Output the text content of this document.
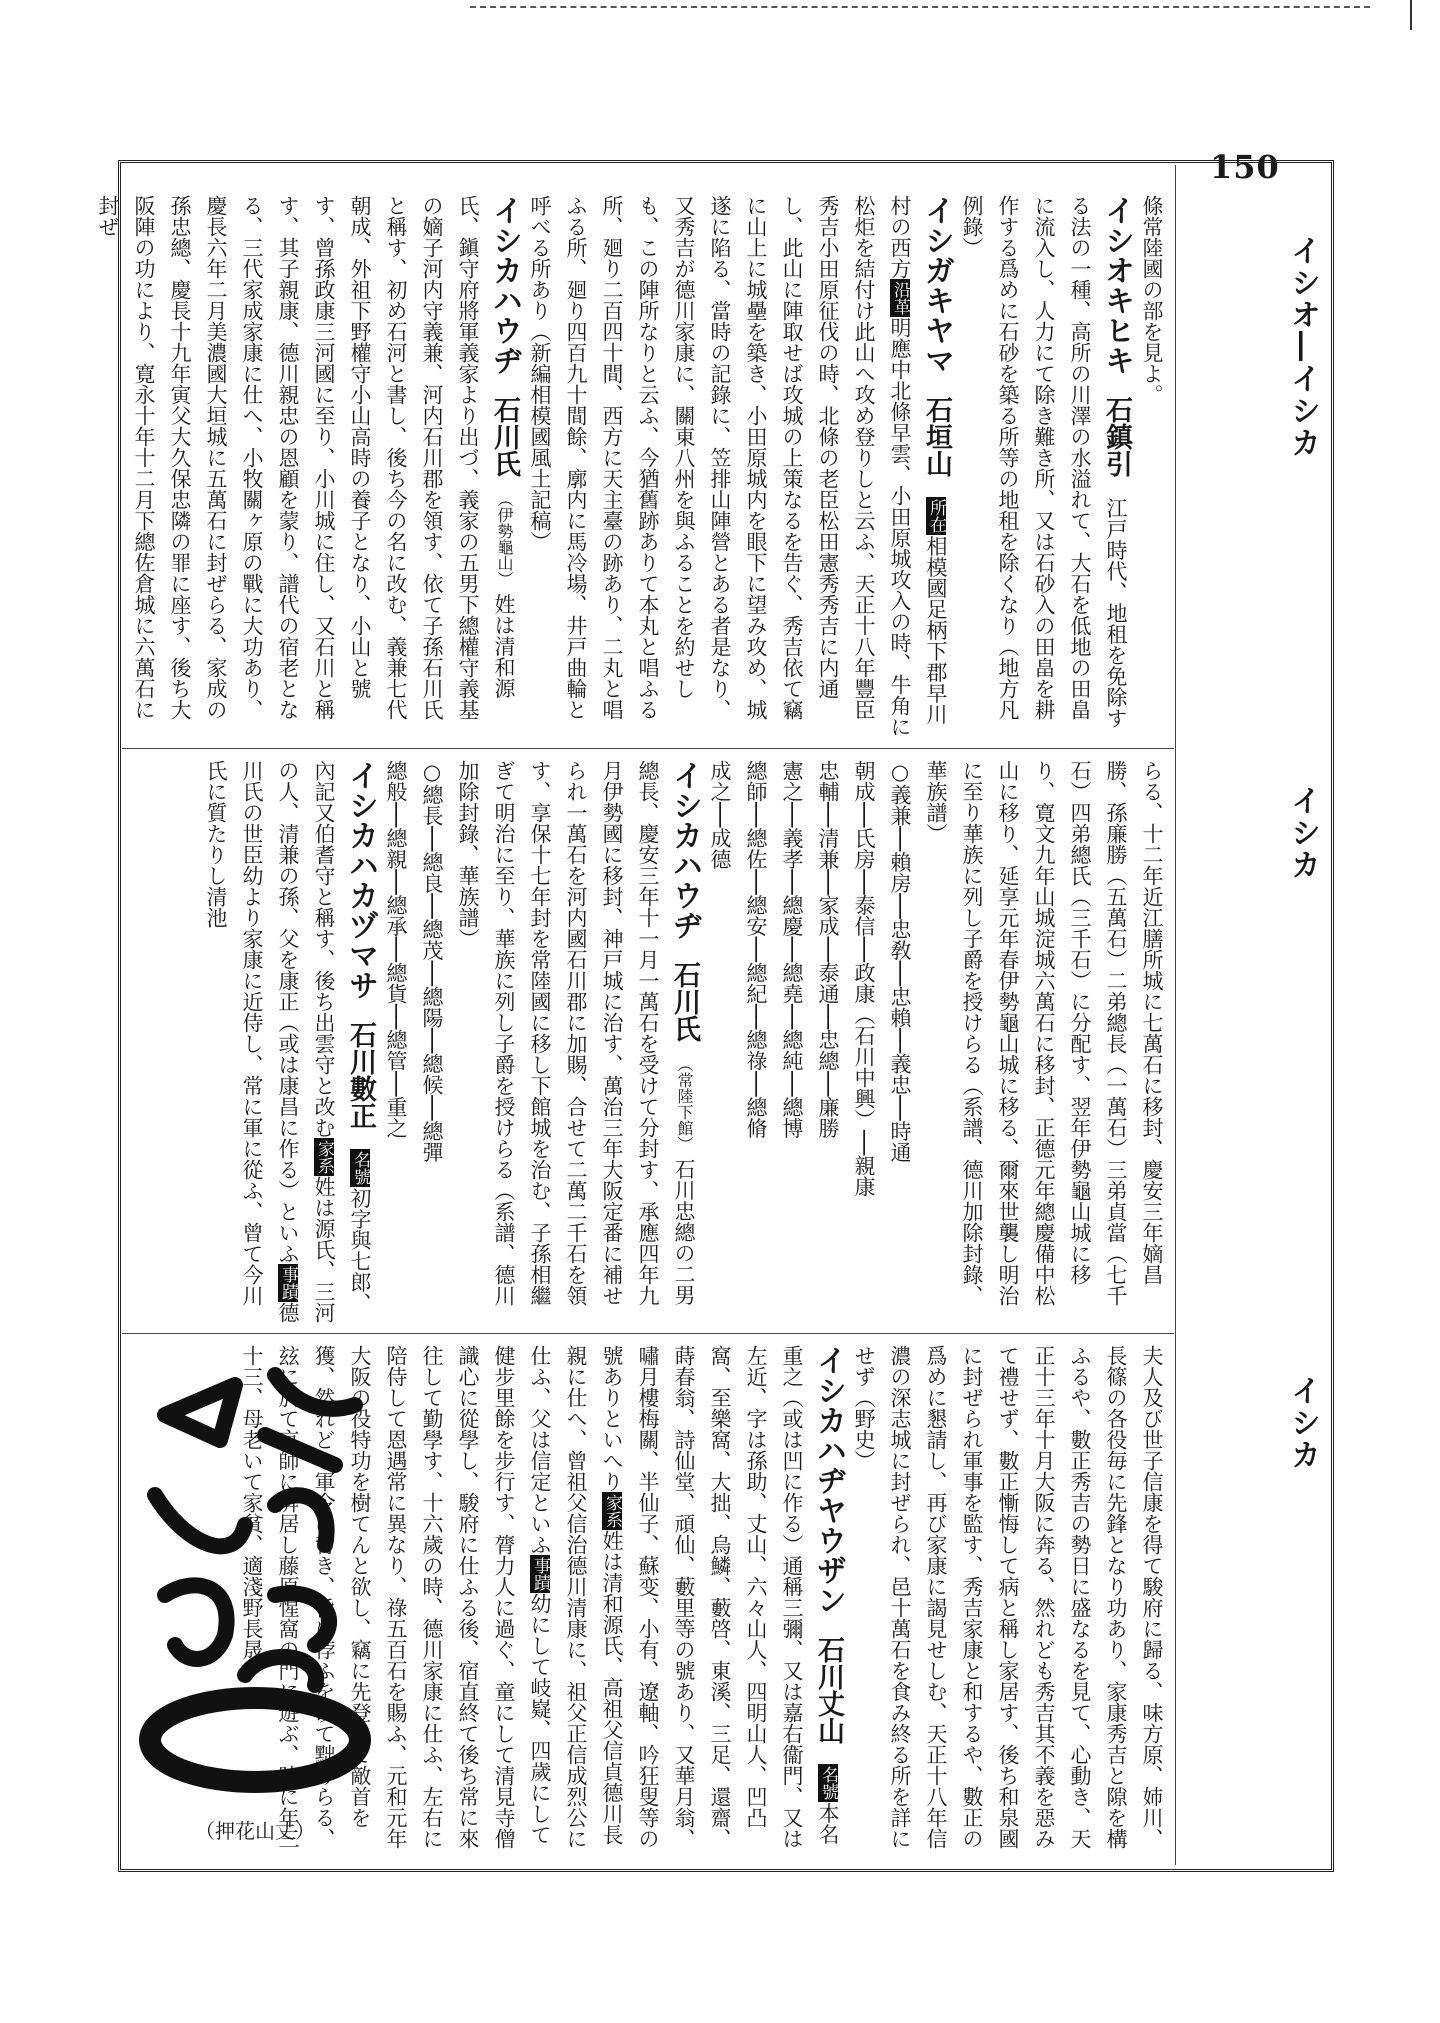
150
イシオ―イシカ
イシカ
イシカ

條常陸國の部を見よ。

イシオキヒキ 石鎮引 江戸時代、地租を免除する法の一種、高所の川澤の水溢れて、大石を低地の田畠に流入し、人力にて除き難き所、又は石砂入の田畠を耕作する爲めに石砂を築る所等の地租を除くなり（地方凡例錄）

イシガキヤマ 石垣山 所在相模國足柄下郡早川村の西方沿革明應中北條早雲、小田原城攻入の時、牛角に松炬を結付け此山へ攻め登りしと云ふ、天正十八年豐臣秀吉小田原征伐の時、北條の老臣松田憲秀秀吉に内通し、此山に陣取せば攻城の上策なるを告ぐ、秀吉依て竊に山上に城壘を築き、小田原城内を眼下に望み攻め、城遂に陷る、當時の記錄に、笠排山陣營とある者是なり、又秀吉が德川家康に、關東八州を與ふることを約せしも、この陣所なりと云ふ、今猶舊跡ありて本丸と唱ふる所、廻り二百四十間、西方に天主臺の跡あり、二丸と唱ふる所、廻り四百九十間餘、廓内に馬冷場、井戸曲輪と呼べる所あり（新編相模國風土記稿）

イシカハウヂ 石川氏（伊勢龜山） 姓は清和源氏、鎭守府將軍義家より出づ、義家の五男下總權守義基の嫡子河内守義兼、河内石川郡を領す、依て子孫石川氏と稱す、初め石河と書し、後ち今の名に改む、義兼七代朝成、外祖下野權守小山高時の養子となり、小山と號す、曾孫政康三河國に至り、小川城に住し、又石川と稱す、其子親康、德川親忠の恩顧を蒙り、譜代の宿老となる、三代家成家康に仕へ、小牧關ヶ原の戰に大功あり、慶長六年二月美濃國大垣城に五萬石に封ぜらる、家成の孫忠總、慶長十九年寅父大久保忠隣の罪に座す、後ち大阪陣の功により、寛永十年十二月下總佐倉城に六萬石に封ぜ

らる、十二年近江膳所城に七萬石に移封、慶安三年嫡昌勝、孫廉勝（五萬石）二弟總長（一萬石）三弟貞當（七千石）四弟總氏（三千石）に分配す、翌年伊勢龜山城に移り、寛文九年山城淀城六萬石に移封、正德元年總慶備中松山に移り、延享元年春伊勢龜山城に移る、爾來世襲し明治に至り華族に列し子爵を授けらる（系譜、德川加除封錄、華族譜）

○義兼──賴房──忠敎──忠賴──義忠──時通

朝成──氏房──泰信──政康（石川中興）──親康

忠輔──清兼──家成──泰通──忠總──廉勝

憲之──義孝──總慶──總堯──總純──總博

總師──總佐──總安──總紀──總祿──總脩

成之──成德

イシカハウヂ 石川氏（常陸下館） 石川忠總の二男總長、慶安三年十一月一萬石を受けて分封す、承應四年九月伊勢國に移封、神戸城に治す、萬治三年大阪定番に補せられ一萬石を河内國石川郡に加賜、合せて二萬二千石を領す、享保十七年封を常陸國に移し下館城を治む、子孫相繼ぎて明治に至り、華族に列し子爵を授けらる（系譜、德川加除封錄、華族譜）

○總長──總良──總茂──總陽──總候──總彈

總般──總親──總承──總貨──總管──重之

イシカハカヅマサ 石川數正 名號初字與七郎、內記又伯耆守と稱す、後ち出雲守と改む家系姓は源氏、三河の人、清兼の孫、父を康正（或は康昌に作る）といふ事蹟德川氏の世臣幼より家康に近侍し、常に軍に從ふ、曾て今川氏に質たりし清池

夫人及び世子信康を得て駿府に歸る、味方原、姉川、長篠の各役毎に先鋒となり功あり、家康秀吉と隙を構ふるや、數正秀吉の勢日に盛なるを見て、心動き、天正十三年十月大阪に奔る、然れども秀吉其不義を惡みて禮せず、數正慚悔して病と稱し家居す、後ち和泉國に封ぜられ軍事を監す、秀吉家康と和するや、數正の爲めに懇請し、再び家康に謁見せしむ、天正十八年信濃の深志城に封ぜられ、邑十萬石を食み終る所を詳にせず（野史）

イシカハヂヤウザン 石川丈山 名號本名重之（或は凹に作る）通稱三彌、又は嘉右衞門、又は左近、字は孫助、丈山、六々山人、四明山人、凹凸窩、至樂窩、大拙、烏鱗、藪啓、東溪、三足、還齋、蒔春翁、詩仙堂、頑仙、藪里等の號あり、又華月翁、嘯月樓梅關、半仙子、蘇变、小有、遼軸、吟狂叟等の號ありといへり家系姓は清和源氏、高祖父信貞德川長親に仕へ、曾祖父信治德川清康に、祖父正信成烈公に仕ふ、父は信定といふ事蹟幼にして岐嶷、四歲にして健步里餘を步行す、膂力人に過ぐ、童にして清見寺僧識心に從學し、駿府に仕ふる後、宿直終て後ち常に來往して勤學す、十六歲の時、德川家康に仕ふ、左右に陪侍して恩遇常に異なり、祿五百石を賜ふ、元和元年大阪の役特功を樹てんと欲し、竊に先登して敵首を獲、然れども軍令に背き、旨に悖ふを以て黜けらる、玆に於て京師に屛居し藤原惺窩の門に遊ぶ、時に年三十三、母老いて家貧、適淺野長晟

（押花山丈）
